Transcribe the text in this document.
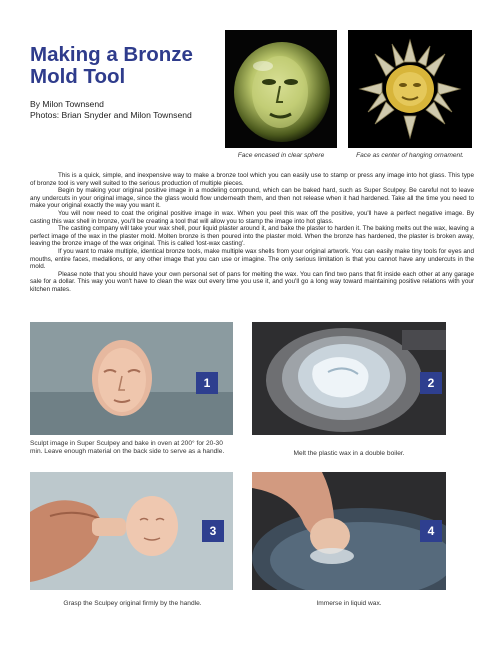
Making a Bronze
Mold Tool
By Milon Townsend
Photos: Brian Snyder and Milon Townsend
Face encased in clear sphere	Face as center of hanging ornament.

This is a quick, simple, and inexpensive way to make a bronze tool which you can easily use to stamp or press any image into hot glass. This type of bronze tool is very well suited to the serious production of multiple pieces.

Begin by making your original positive image in a modeling compound, which can be baked hard, such as Super Sculpey. Be careful not to leave any undercuts in your original image, since the glass would flow underneath them, and then not release when it had hardened. Take all the time you need to make your original exactly the way you want it.

You will now need to coat the original positive image in wax. When you peel this wax off the positive, you'll have a perfect negative image. By casting this wax shell in bronze, you'll be creating a tool that will allow you to stamp the image into hot glass.

The casting company will take your wax shell, pour liquid plaster around it, and bake the plaster to harden it. The baking melts out the wax, leaving a perfect image of the wax in the plaster mold. Molten bronze is then poured into the plaster mold. When the bronze has hardened, the plaster is broken away, leaving the bronze image of the wax original. This is called 'lost-wax casting'.

If you want to make multiple, identical bronze tools, make multiple wax shells from your original artwork. You can easily make tiny tools for eyes and mouths, entire faces, medallions, or any other image that you can use or imagine. The only serious limitation is that you cannot have any undercuts in the mold.

Please note that you should have your own personal set of pans for melting the wax. You can find two pans that fit inside each other at any garage sale for a dollar. This way you won't have to clean the wax out every time you use it, and you'll go a long way toward maintaining positive relations with your kitchen mates.

1
Sculpt image in Super Sculpey and bake in oven at 200° for 20-30 min. Leave enough material on the back side to serve as a handle.
2
Melt the plastic wax in a double boiler.
3
Grasp the Sculpey original firmly by the handle.
4
Immerse in liquid wax.
